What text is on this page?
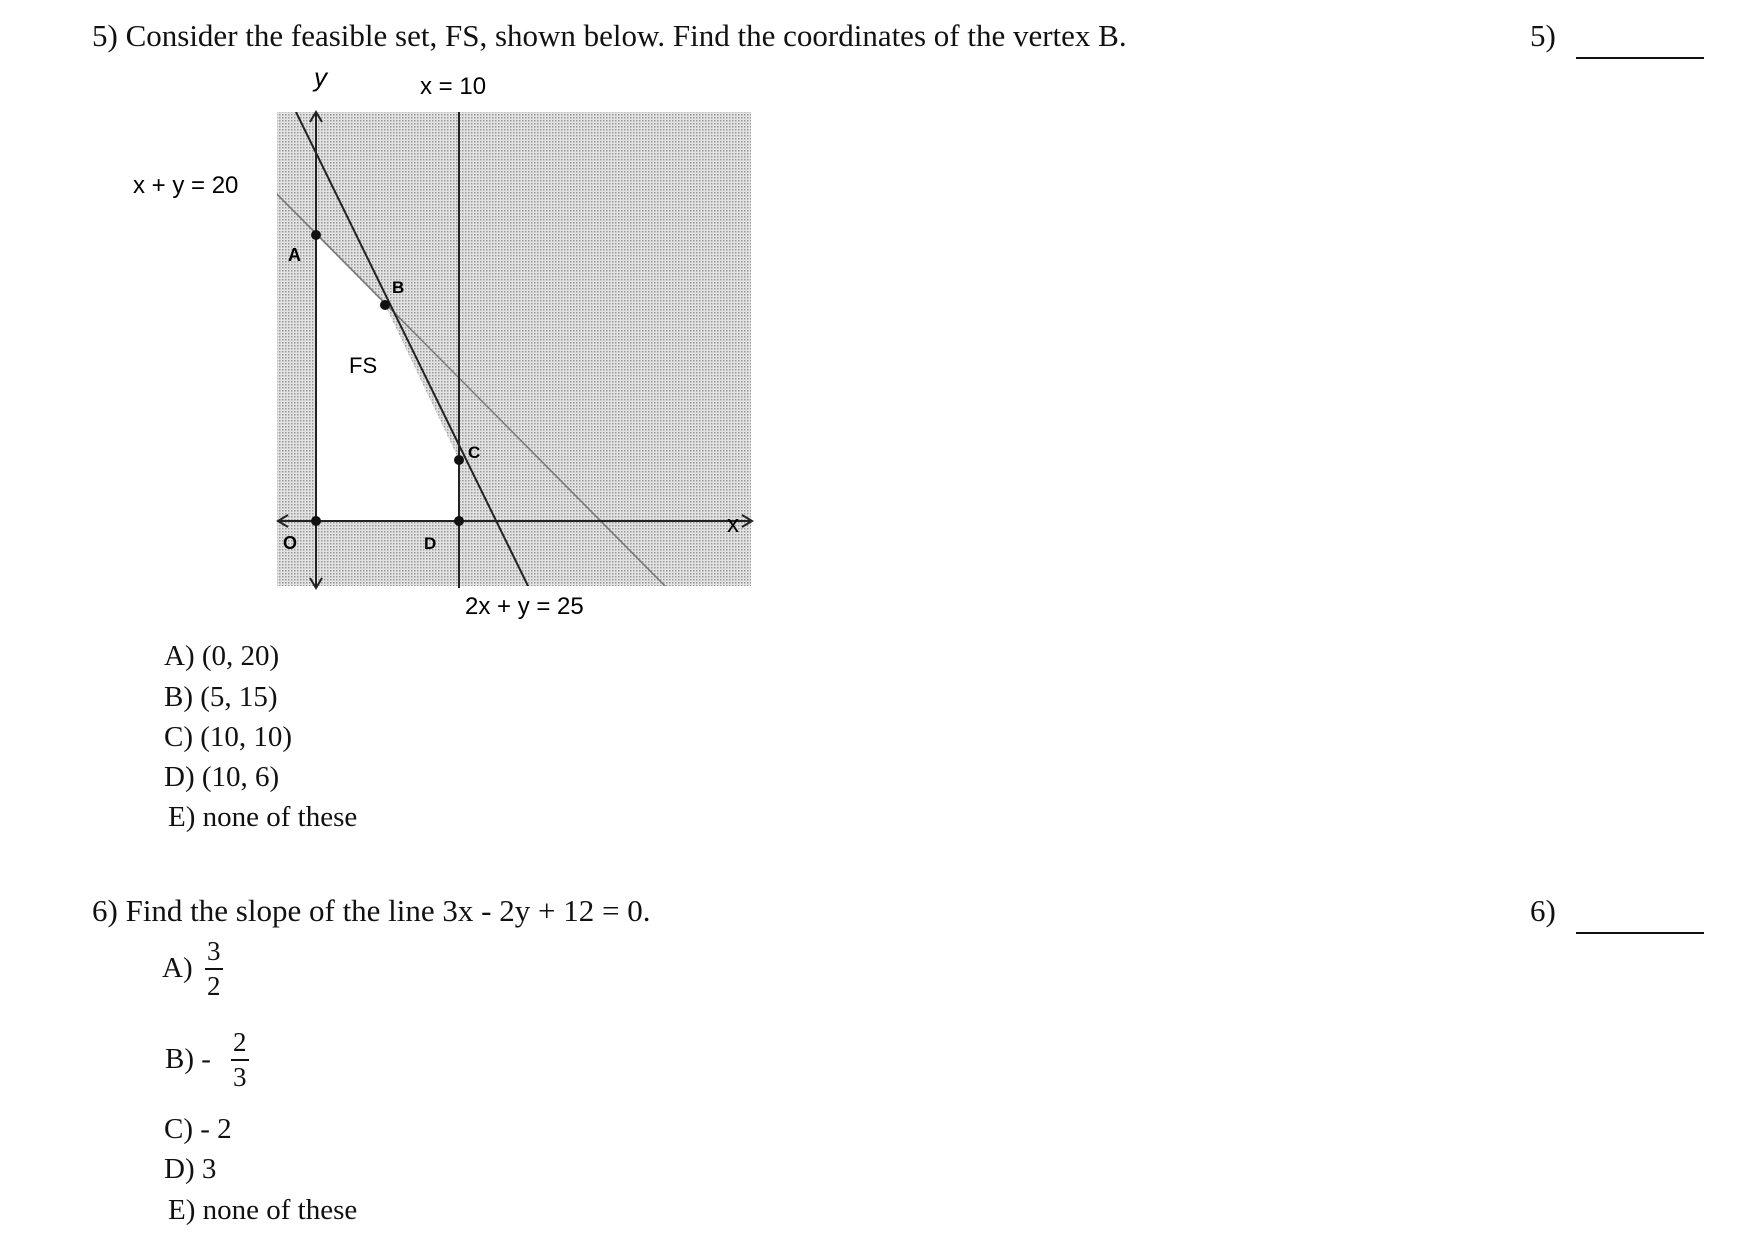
5) Consider the feasible set, FS, shown below. Find the coordinates of the vertex B.	5)
y
x
x = 10
x + y = 20
2x + y = 25
FS
A
B
C
O	D
A) (0, 20)
B) (5, 15)
C) (10, 10)
D) (10, 6)
E) none of these
6) Find the slope of the line 3x - 2y + 12 = 0.	6)
A)
3
2
B) -
2
3
C) - 2
D) 3
E) none of these
